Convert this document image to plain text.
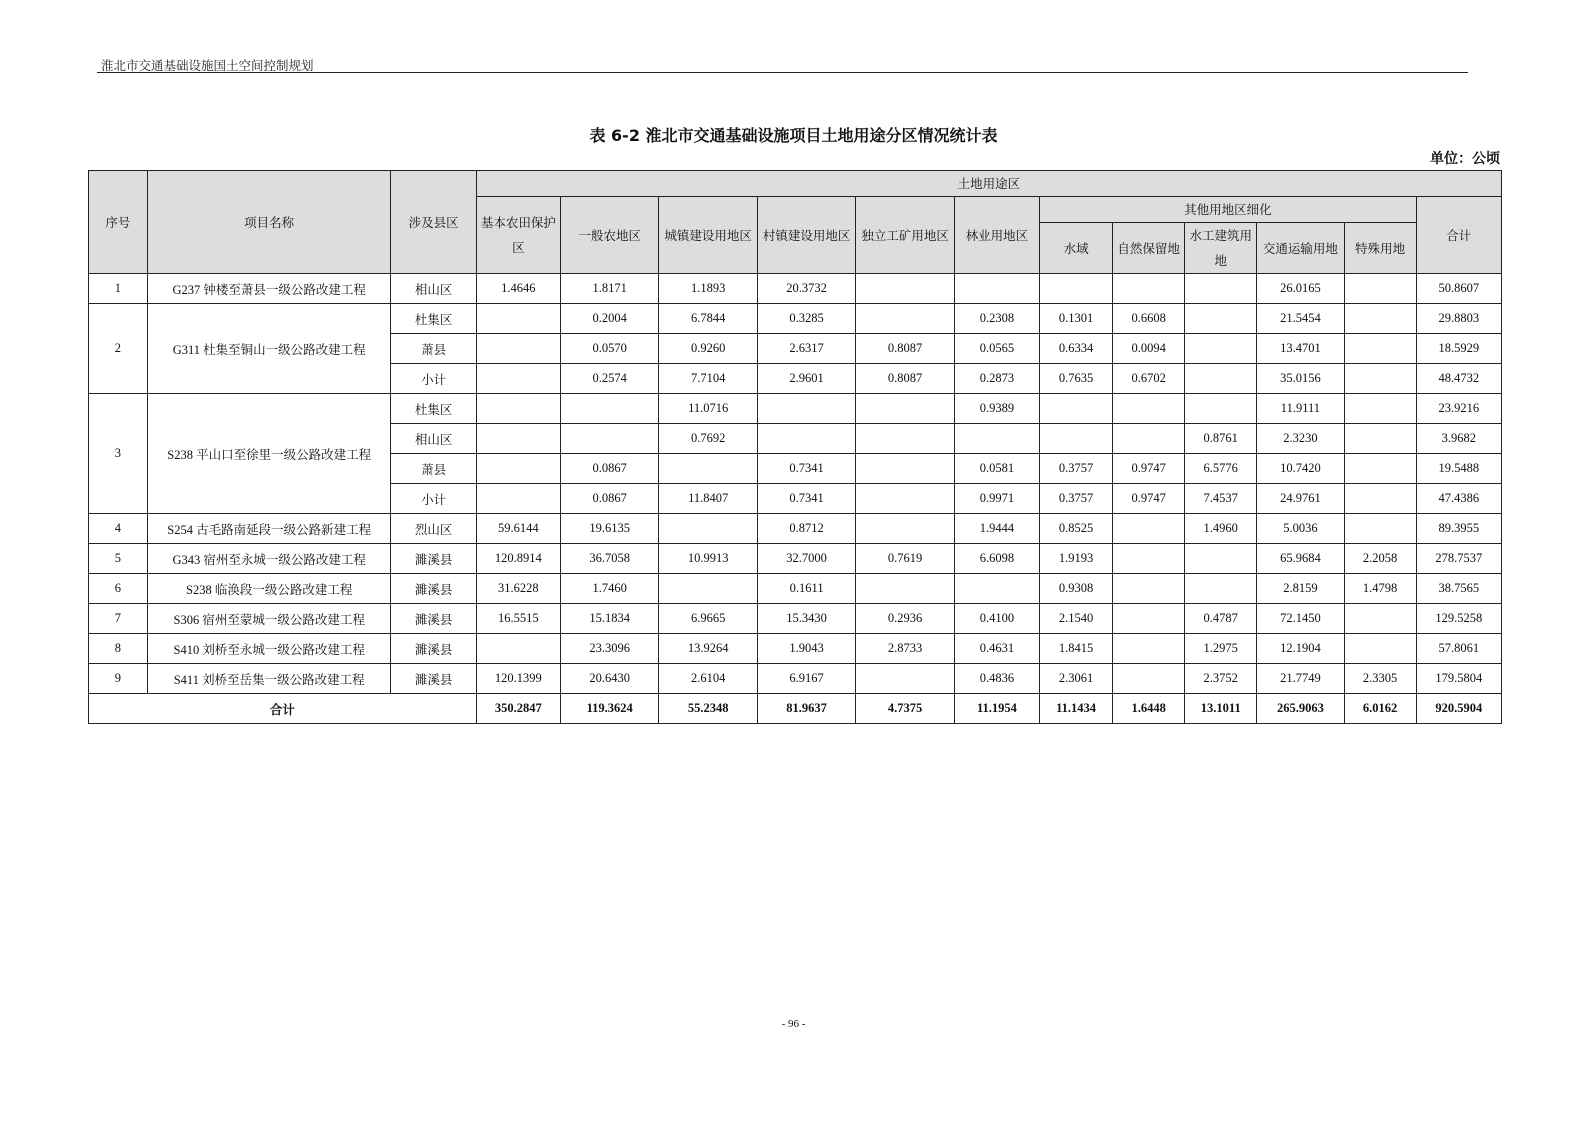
淮北市交通基础设施国土空间控制规划
表 6-2 淮北市交通基础设施项目土地用途分区情况统计表
单位：公顷
序号	项目名称	涉及县区	土地用途区											
			基本农田保护区	一般农地区	城镇建设用地区	村镇建设用地区	独立工矿用地区	林业用地区	其他用地区细化					合计
									水域	自然保留地	水工建筑用地	交通运输用地	特殊用地	
1	G237 钟楼至萧县一级公路改建工程	相山区	1.4646	1.8171	1.1893	20.3732						26.0165		50.8607
2	G311 杜集至铜山一级公路改建工程	杜集区		0.2004	6.7844	0.3285		0.2308	0.1301	0.6608		21.5454		29.8803
		萧县		0.0570	0.9260	2.6317	0.8087	0.0565	0.6334	0.0094		13.4701		18.5929
		小计		0.2574	7.7104	2.9601	0.8087	0.2873	0.7635	0.6702		35.0156		48.4732
3	S238 平山口至徐里一级公路改建工程	杜集区			11.0716			0.9389				11.9111		23.9216
		相山区			0.7692						0.8761	2.3230		3.9682
		萧县		0.0867		0.7341		0.0581	0.3757	0.9747	6.5776	10.7420		19.5488
		小计		0.0867	11.8407	0.7341		0.9971	0.3757	0.9747	7.4537	24.9761		47.4386
4	S254 古毛路南延段一级公路新建工程	烈山区	59.6144	19.6135		0.8712		1.9444	0.8525		1.4960	5.0036		89.3955
5	G343 宿州至永城一级公路改建工程	濉溪县	120.8914	36.7058	10.9913	32.7000	0.7619	6.6098	1.9193			65.9684	2.2058	278.7537
6	S238 临涣段一级公路改建工程	濉溪县	31.6228	1.7460		0.1611			0.9308			2.8159	1.4798	38.7565
7	S306 宿州至蒙城一级公路改建工程	濉溪县	16.5515	15.1834	6.9665	15.3430	0.2936	0.4100	2.1540		0.4787	72.1450		129.5258
8	S410 刘桥至永城一级公路改建工程	濉溪县		23.3096	13.9264	1.9043	2.8733	0.4631	1.8415		1.2975	12.1904		57.8061
9	S411 刘桥至岳集一级公路改建工程	濉溪县	120.1399	20.6430	2.6104	6.9167		0.4836	2.3061		2.3752	21.7749	2.3305	179.5804
合计			350.2847	119.3624	55.2348	81.9637	4.7375	11.1954	11.1434	1.6448	13.1011	265.9063	6.0162	920.5904
- 96 -
